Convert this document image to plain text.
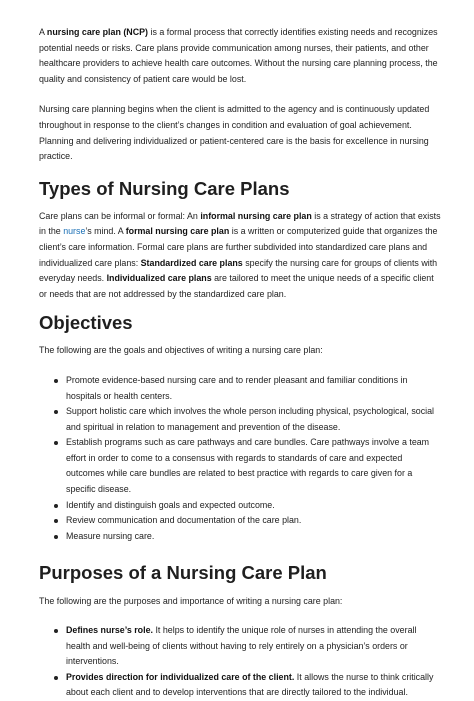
A nursing care plan (NCP) is a formal process that correctly identifies existing needs and recognizes potential needs or risks. Care plans provide communication among nurses, their patients, and other healthcare providers to achieve health care outcomes. Without the nursing care planning process, the quality and consistency of patient care would be lost.

Nursing care planning begins when the client is admitted to the agency and is continuously updated throughout in response to the client’s changes in condition and evaluation of goal achievement. Planning and delivering individualized or patient-centered care is the basis for excellence in nursing practice.

Types of Nursing Care Plans

Care plans can be informal or formal: An informal nursing care plan is a strategy of action that exists in the nurse’s mind. A formal nursing care plan is a written or computerized guide that organizes the client’s care information. Formal care plans are further subdivided into standardized care plans and individualized care plans: Standardized care plans specify the nursing care for groups of clients with everyday needs. Individualized care plans are tailored to meet the unique needs of a specific client or needs that are not addressed by the standardized care plan.

Objectives

The following are the goals and objectives of writing a nursing care plan:

Promote evidence-based nursing care and to render pleasant and familiar conditions in hospitals or health centers.
Support holistic care which involves the whole person including physical, psychological, social and spiritual in relation to management and prevention of the disease.
Establish programs such as care pathways and care bundles. Care pathways involve a team effort in order to come to a consensus with regards to standards of care and expected outcomes while care bundles are related to best practice with regards to care given for a specific disease.
Identify and distinguish goals and expected outcome.
Review communication and documentation of the care plan.
Measure nursing care.
Purposes of a Nursing Care Plan

The following are the purposes and importance of writing a nursing care plan:

Defines nurse’s role. It helps to identify the unique role of nurses in attending the overall health and well-being of clients without having to rely entirely on a physician’s orders or interventions.
Provides direction for individualized care of the client. It allows the nurse to think critically about each client and to develop interventions that are directly tailored to the individual.
